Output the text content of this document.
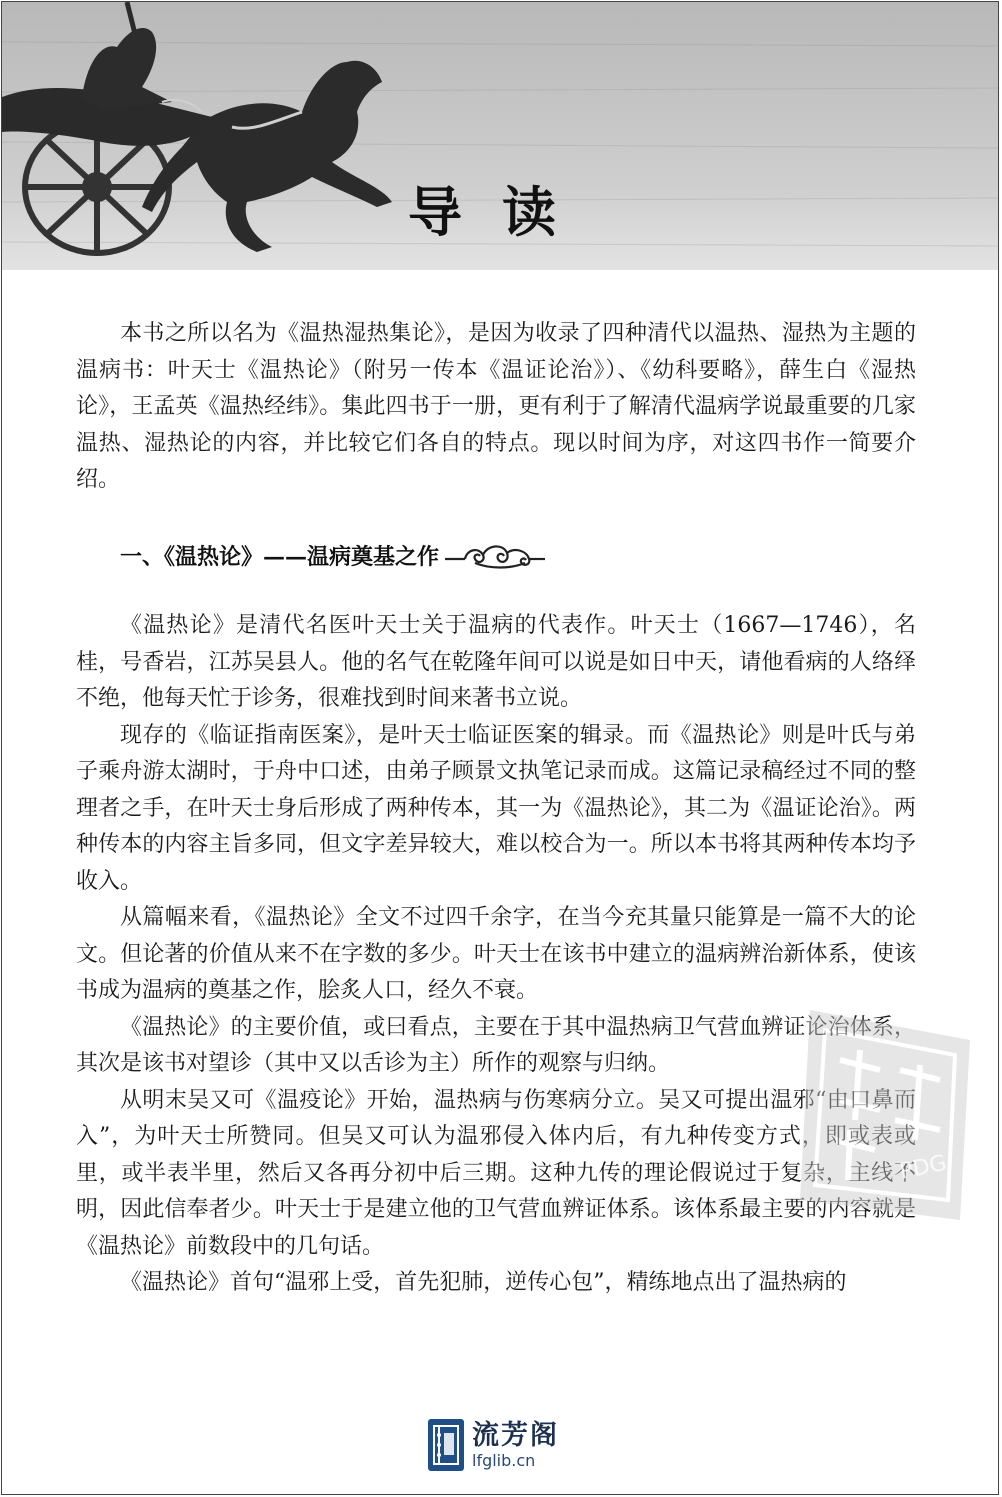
导读

本书之所以名为《温热湿热集论》，是因为收录了四种清代以温热、湿热为主题的温病书：叶天士《温热论》（附另一传本《温证论治》）、《幼科要略》，薛生白《湿热论》，王孟英《温热经纬》。集此四书于一册，更有利于了解清代温病学说最重要的几家温热、湿热论的内容，并比较它们各自的特点。现以时间为序，对这四书作一简要介绍。

一、《温热论》——温病奠基之作

《温热论》是清代名医叶天士关于温病的代表作。叶天士（1667—1746），名桂，号香岩，江苏吴县人。他的名气在乾隆年间可以说是如日中天，请他看病的人络绎不绝，他每天忙于诊务，很难找到时间来著书立说。

现存的《临证指南医案》，是叶天士临证医案的辑录。而《温热论》则是叶氏与弟子乘舟游太湖时，于舟中口述，由弟子顾景文执笔记录而成。这篇记录稿经过不同的整理者之手，在叶天士身后形成了两种传本，其一为《温热论》，其二为《温证论治》。两种传本的内容主旨多同，但文字差异较大，难以校合为一。所以本书将其两种传本均予收入。

从篇幅来看，《温热论》全文不过四千余字，在当今充其量只能算是一篇不大的论文。但论著的价值从来不在字数的多少。叶天士在该书中建立的温病辨治新体系，使该书成为温病的奠基之作，脍炙人口，经久不衰。

《温热论》的主要价值，或曰看点，主要在于其中温热病卫气营血辨证论治体系，其次是该书对望诊（其中又以舌诊为主）所作的观察与归纳。

从明末吴又可《温疫论》开始，温热病与伤寒病分立。吴又可提出温邪“由口鼻而入”，为叶天士所赞同。但吴又可认为温邪侵入体内后，有九种传变方式，即或表或里，或半表半里，然后又各再分初中后三期。这种九传的理论假说过于复杂，主线不明，因此信奉者少。叶天士于是建立他的卫气营血辨证体系。该体系最主要的内容就是《温热论》前数段中的几句话。

《温热论》首句“温邪上受，首先犯肺，逆传心包”，精练地点出了温热病的

PDG
流芳阁
lfglib.cn
